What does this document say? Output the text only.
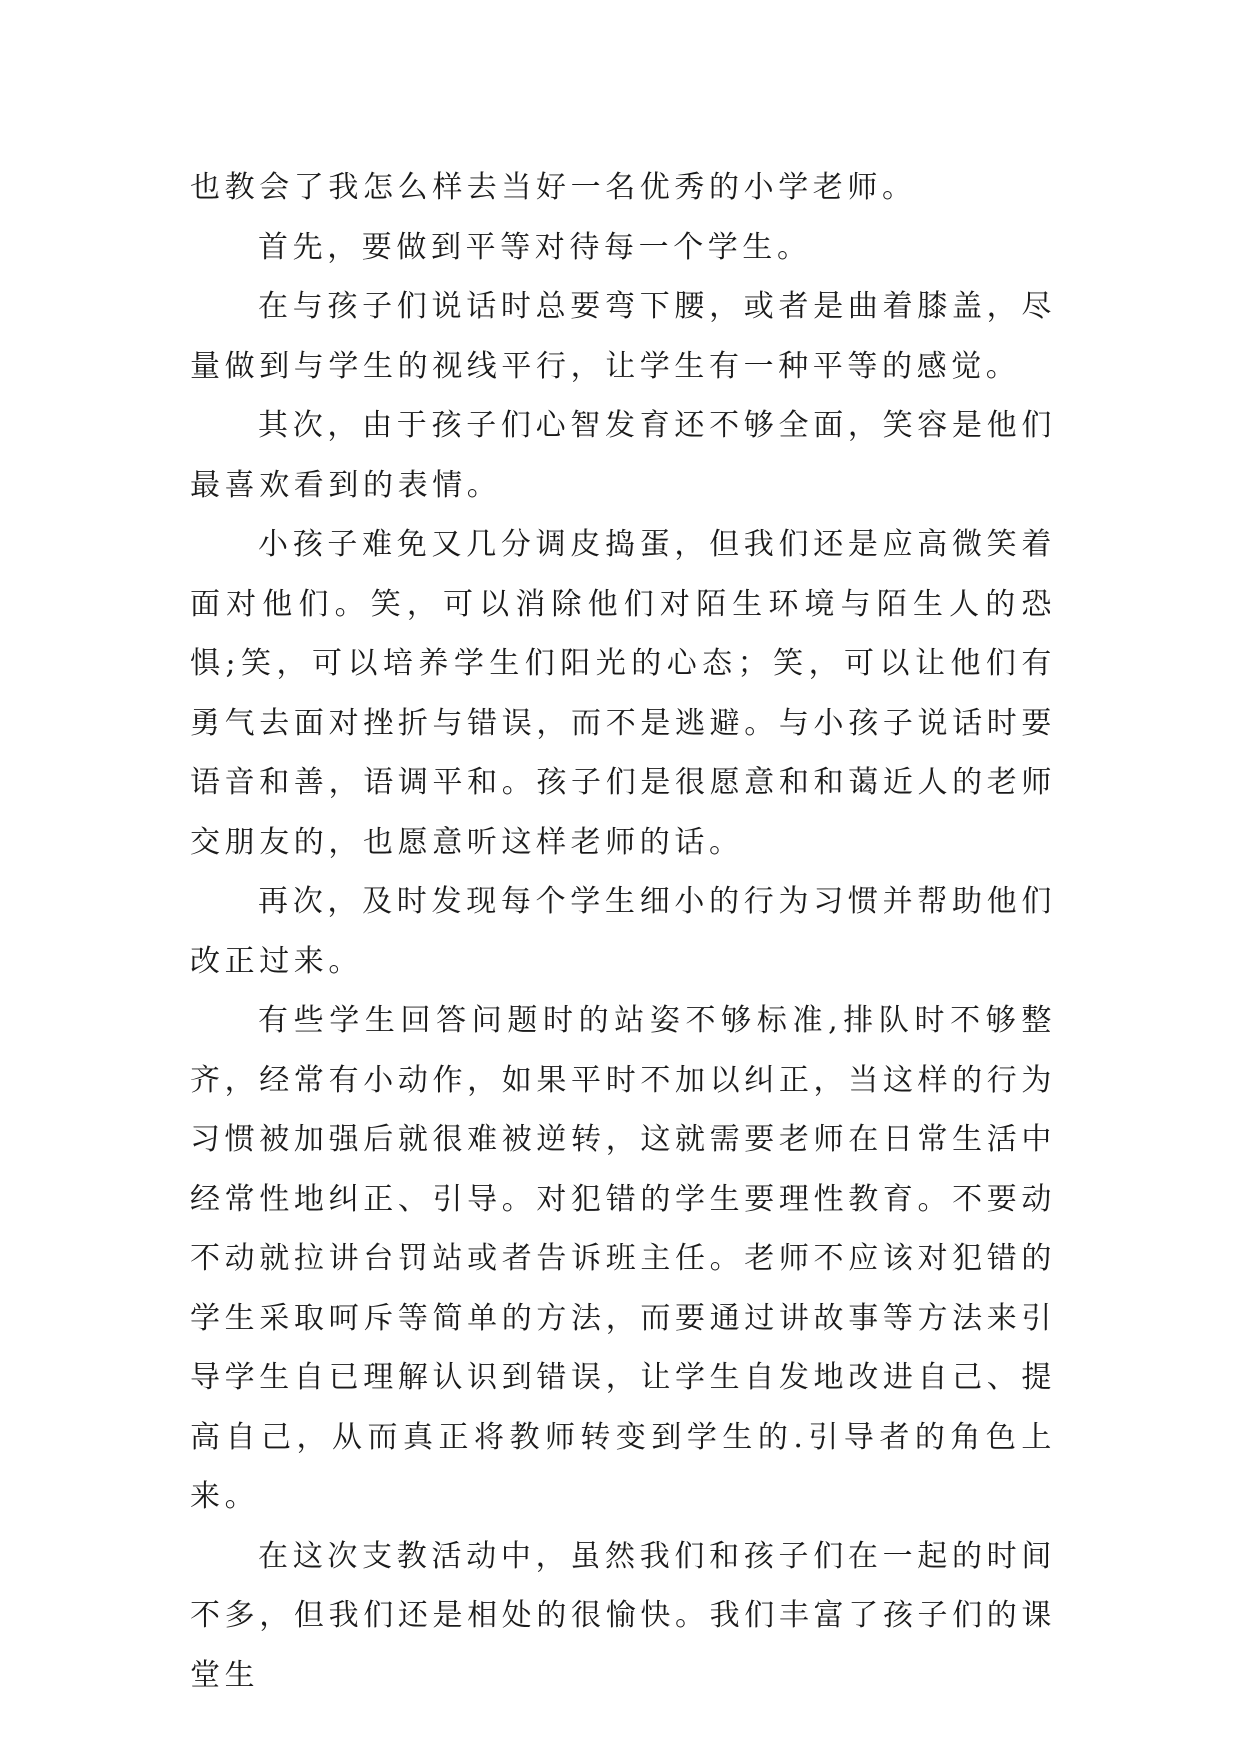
也教会了我怎么样去当好一名优秀的小学老师。

首先，要做到平等对待每一个学生。

在与孩子们说话时总要弯下腰，或者是曲着膝盖，尽量做到与学生的视线平行，让学生有一种平等的感觉。

其次，由于孩子们心智发育还不够全面，笑容是他们最喜欢看到的表情。

小孩子难免又几分调皮捣蛋，但我们还是应高微笑着面对他们。笑，可以消除他们对陌生环境与陌生人的恐惧;笑，可以培养学生们阳光的心态；笑，可以让他们有勇气去面对挫折与错误，而不是逃避。与小孩子说话时要语音和善，语调平和。孩子们是很愿意和和蔼近人的老师交朋友的，也愿意听这样老师的话。

再次，及时发现每个学生细小的行为习惯并帮助他们改正过来。

有些学生回答问题时的站姿不够标准,排队时不够整齐，经常有小动作，如果平时不加以纠正，当这样的行为习惯被加强后就很难被逆转，这就需要老师在日常生活中经常性地纠正、引导。对犯错的学生要理性教育。不要动不动就拉讲台罚站或者告诉班主任。老师不应该对犯错的学生采取呵斥等简单的方法，而要通过讲故事等方法来引导学生自已理解认识到错误，让学生自发地改进自己、提高自己，从而真正将教师转变到学生的.引导者的角色上来。

在这次支教活动中，虽然我们和孩子们在一起的时间不多，但我们还是相处的很愉快。我们丰富了孩子们的课堂生
